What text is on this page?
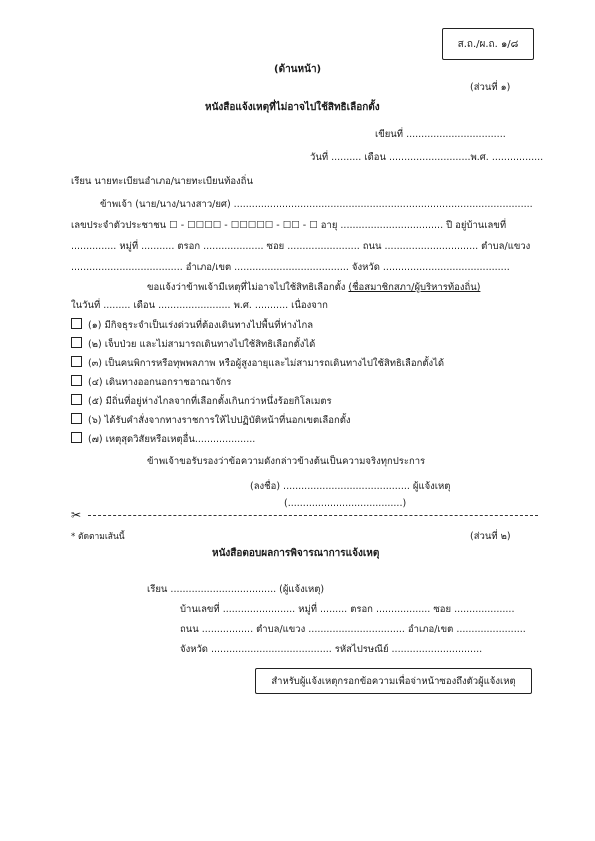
ส.ถ./ผ.ถ. ๑/๘
(ด้านหน้า)
(ส่วนที่ ๑)
หนังสือแจ้งเหตุที่ไม่อาจไปใช้สิทธิเลือกตั้ง
เขียนที่ .................................
วันที่ .......... เดือน ...........................พ.ศ. .................
เรียน นายทะเบียนอำเภอ/นายทะเบียนท้องถิ่น
ข้าพเจ้า (นาย/นาง/นางสาว/ยศ) ...................................................................................................
เลขประจำตัวประชาชน ☐ - ☐☐☐☐ - ☐☐☐☐☐ - ☐☐ - ☐ อายุ .................................. ปี อยู่บ้านเลขที่
............... หมู่ที่ ........... ตรอก .................... ซอย ........................ ถนน ............................... ตำบล/แขวง
..................................... อำเภอ/เขต ...................................... จังหวัด ..........................................
ขอแจ้งว่าข้าพเจ้ามีเหตุที่ไม่อาจไปใช้สิทธิเลือกตั้ง (ชื่อสมาชิกสภา/ผู้บริหารท้องถิ่น)
ในวันที่ ......... เดือน ........................ พ.ศ. ........... เนื่องจาก
(๑) มีกิจธุระจำเป็นเร่งด่วนที่ต้องเดินทางไปพื้นที่ห่างไกล
(๒) เจ็บป่วย และไม่สามารถเดินทางไปใช้สิทธิเลือกตั้งได้
(๓) เป็นคนพิการหรือทุพพลภาพ หรือผู้สูงอายุและไม่สามารถเดินทางไปใช้สิทธิเลือกตั้งได้
(๔) เดินทางออกนอกราชอาณาจักร
(๕) มีถิ่นที่อยู่ห่างไกลจากที่เลือกตั้งเกินกว่าหนึ่งร้อยกิโลเมตร
(๖) ได้รับคำสั่งจากทางราชการให้ไปปฏิบัติหน้าที่นอกเขตเลือกตั้ง
(๗) เหตุสุดวิสัยหรือเหตุอื่น....................
ข้าพเจ้าขอรับรองว่าข้อความดังกล่าวข้างต้นเป็นความจริงทุกประการ
(ลงชื่อ) .......................................... ผู้แจ้งเหตุ
(......................................)
✂
* ตัดตามเส้นนี้	(ส่วนที่ ๒)
หนังสือตอบผลการพิจารณาการแจ้งเหตุ
เรียน ................................... (ผู้แจ้งเหตุ)
บ้านเลขที่ ........................ หมู่ที่ ......... ตรอก .................. ซอย ....................
ถนน ................. ตำบล/แขวง ................................ อำเภอ/เขต .......................
จังหวัด ........................................ รหัสไปรษณีย์ ..............................
สำหรับผู้แจ้งเหตุกรอกข้อความเพื่อจ่าหน้าซองถึงตัวผู้แจ้งเหตุ
